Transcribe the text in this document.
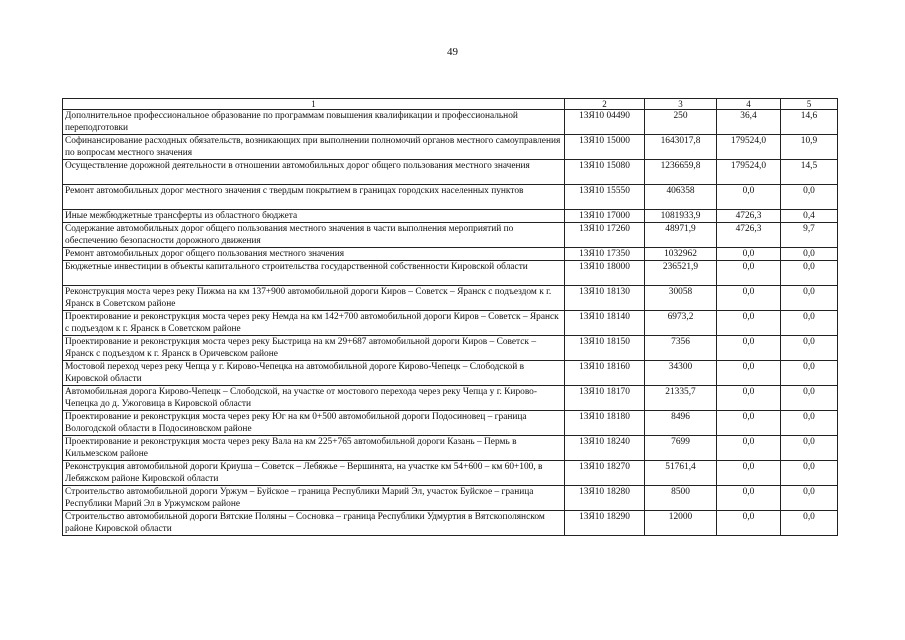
49
1	2	3	4	5
Дополнительное профессиональное образование по программам повышения квалификации и профессиональной переподготовки	13Я10 04490	250	36,4	14,6
Софинансирование расходных обязательств, возникающих при выполнении полномочий органов местного самоуправления по вопросам местного значения	13Я10 15000	1643017,8	179524,0	10,9
Осуществление дорожной деятельности в отношении автомобильных дорог общего пользования местного значения	13Я10 15080	1236659,8	179524,0	14,5
Ремонт автомобильных дорог местного значения с твердым покрытием в границах городских населенных пунктов	13Я10 15550	406358	0,0	0,0
Иные межбюджетные трансферты из областного бюджета	13Я10 17000	1081933,9	4726,3	0,4
Содержание автомобильных дорог общего пользования местного значения в части выполнения мероприятий по обеспечению безопасности дорожного движения	13Я10 17260	48971,9	4726,3	9,7
Ремонт автомобильных дорог общего пользования местного значения	13Я10 17350	1032962	0,0	0,0
Бюджетные инвестиции в объекты капитального строительства государственной собственности Кировской области	13Я10 18000	236521,9	0,0	0,0
Реконструкция моста через реку Пижма на км 137+900 автомобильной дороги Киров – Советск – Яранск с подъездом к г. Яранск в Советском районе	13Я10 18130	30058	0,0	0,0
Проектирование и реконструкция моста через реку Немда на км 142+700 автомобильной дороги Киров – Советск – Яранск с подъездом к г. Яранск в Советском районе	13Я10 18140	6973,2	0,0	0,0
Проектирование и реконструкция моста через реку Быстрица на км 29+687 автомобильной дороги Киров – Советск – Яранск с подъездом к г. Яранск в Оричевском районе	13Я10 18150	7356	0,0	0,0
Мостовой переход через реку Чепца у г. Кирово-Чепецка на автомобильной дороге Кирово-Чепецк – Слободской в Кировской области	13Я10 18160	34300	0,0	0,0
Автомобильная дорога Кирово-Чепецк – Слободской, на участке от мостового перехода через реку Чепца у г. Кирово-Чепецка до д. Ужоговица в Кировской области	13Я10 18170	21335,7	0,0	0,0
Проектирование и реконструкция моста через реку Юг на км 0+500 автомобильной дороги Подосиновец – граница Вологодской области в Подосиновском районе	13Я10 18180	8496	0,0	0,0
Проектирование и реконструкция моста через реку Вала на км 225+765 автомобильной дороги Казань – Пермь в Кильмезском районе	13Я10 18240	7699	0,0	0,0
Реконструкция автомобильной дороги Криуша – Советск – Лебяжье – Вершинята, на участке км 54+600 – км 60+100, в Лебяжском районе Кировской области	13Я10 18270	51761,4	0,0	0,0
Строительство автомобильной дороги Уржум – Буйское – граница Республики Марий Эл, участок Буйское – граница Республики Марий Эл в Уржумском районе	13Я10 18280	8500	0,0	0,0
Строительство автомобильной дороги Вятские Поляны – Сосновка – граница Республики Удмуртия в Вятскополянском районе Кировской области	13Я10 18290	12000	0,0	0,0
